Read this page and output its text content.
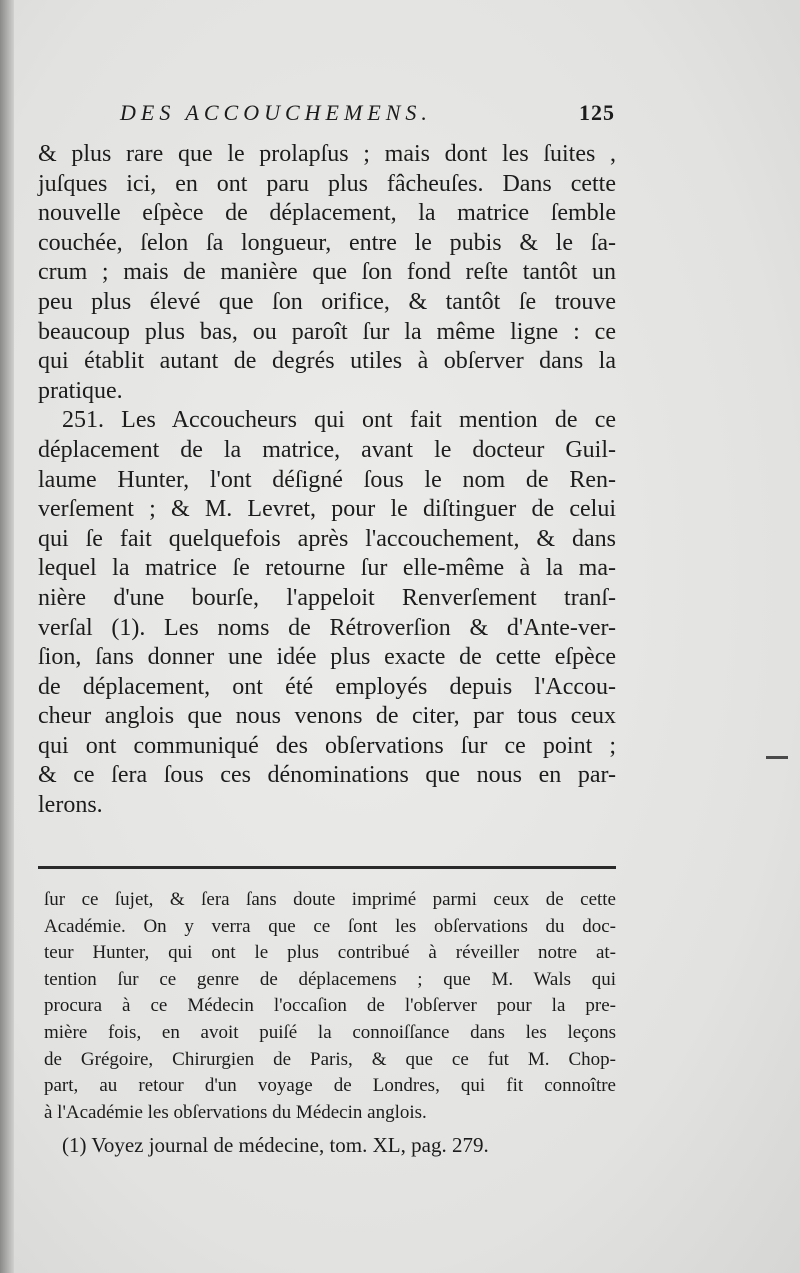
DES ACCOUCHEMENS.	125
& plus rare que le prolapſus ; mais dont les ſuites ,
juſques ici, en ont paru plus fâcheuſes. Dans cette
nouvelle eſpèce de déplacement, la matrice ſemble
couchée, ſelon ſa longueur, entre le pubis & le ſa-
crum ; mais de manière que ſon fond reſte tantôt un
peu plus élevé que ſon orifice, & tantôt ſe trouve
beaucoup plus bas, ou paroît ſur la même ligne : ce
qui établit autant de degrés utiles à obſerver dans la
pratique.
251. Les Accoucheurs qui ont fait mention de ce
déplacement de la matrice, avant le docteur Guil-
laume Hunter, l'ont déſigné ſous le nom de Ren-
verſement ; & M. Levret, pour le diſtinguer de celui
qui ſe fait quelquefois après l'accouchement, & dans
lequel la matrice ſe retourne ſur elle-même à la ma-
nière d'une bourſe, l'appeloit Renverſement tranſ-
verſal (1). Les noms de Rétroverſion & d'Ante-ver-
ſion, ſans donner une idée plus exacte de cette eſpèce
de déplacement, ont été employés depuis l'Accou-
cheur anglois que nous venons de citer, par tous ceux
qui ont communiqué des obſervations ſur ce point ;
& ce ſera ſous ces dénominations que nous en par-
lerons.
ſur ce ſujet, & ſera ſans doute imprimé parmi ceux de cette
Académie. On y verra que ce ſont les obſervations du doc-
teur Hunter, qui ont le plus contribué à réveiller notre at-
tention ſur ce genre de déplacemens ; que M. Wals qui
procura à ce Médecin l'occaſion de l'obſerver pour la pre-
mière fois, en avoit puiſé la connoiſſance dans les leçons
de Grégoire, Chirurgien de Paris, & que ce fut M. Chop-
part, au retour d'un voyage de Londres, qui fit connoître
à l'Académie les obſervations du Médecin anglois.
(1) Voyez journal de médecine, tom. XL, pag. 279.
